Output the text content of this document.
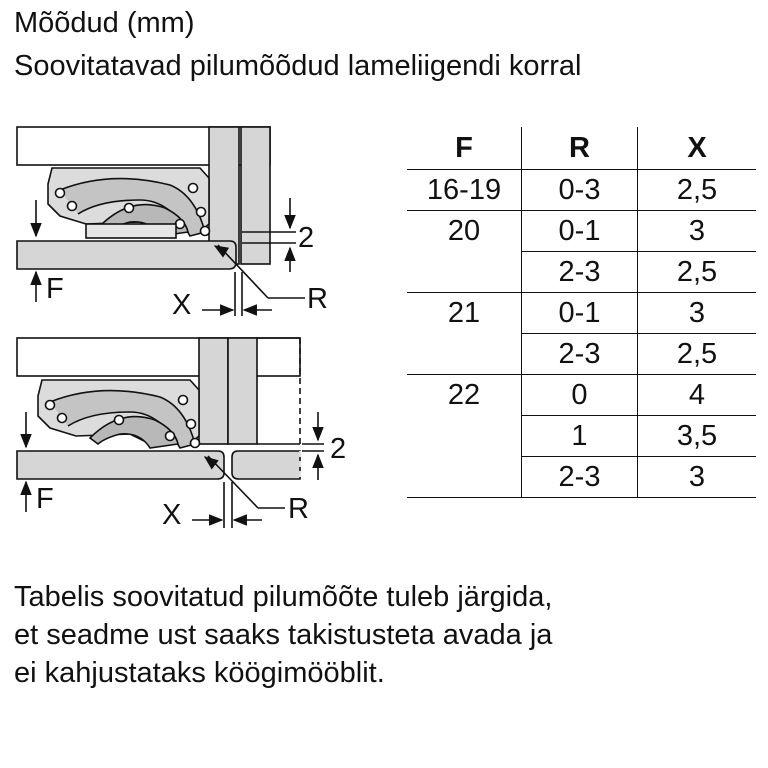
Mõõdud (mm)
Soovitatavad pilumõõdud lameliigendi korral
2
F	X	R
2
F	X	R
F	R	X
16-19	0-3	2,5
20	0-1	3
	2-3	2,5
21	0-1	3
	2-3	2,5
22	0	4
	1	3,5
	2-3	3
Tabelis soovitatud pilumõõte tuleb järgida,
et seadme ust saaks takistusteta avada ja
ei kahjustataks köögimööblit.
